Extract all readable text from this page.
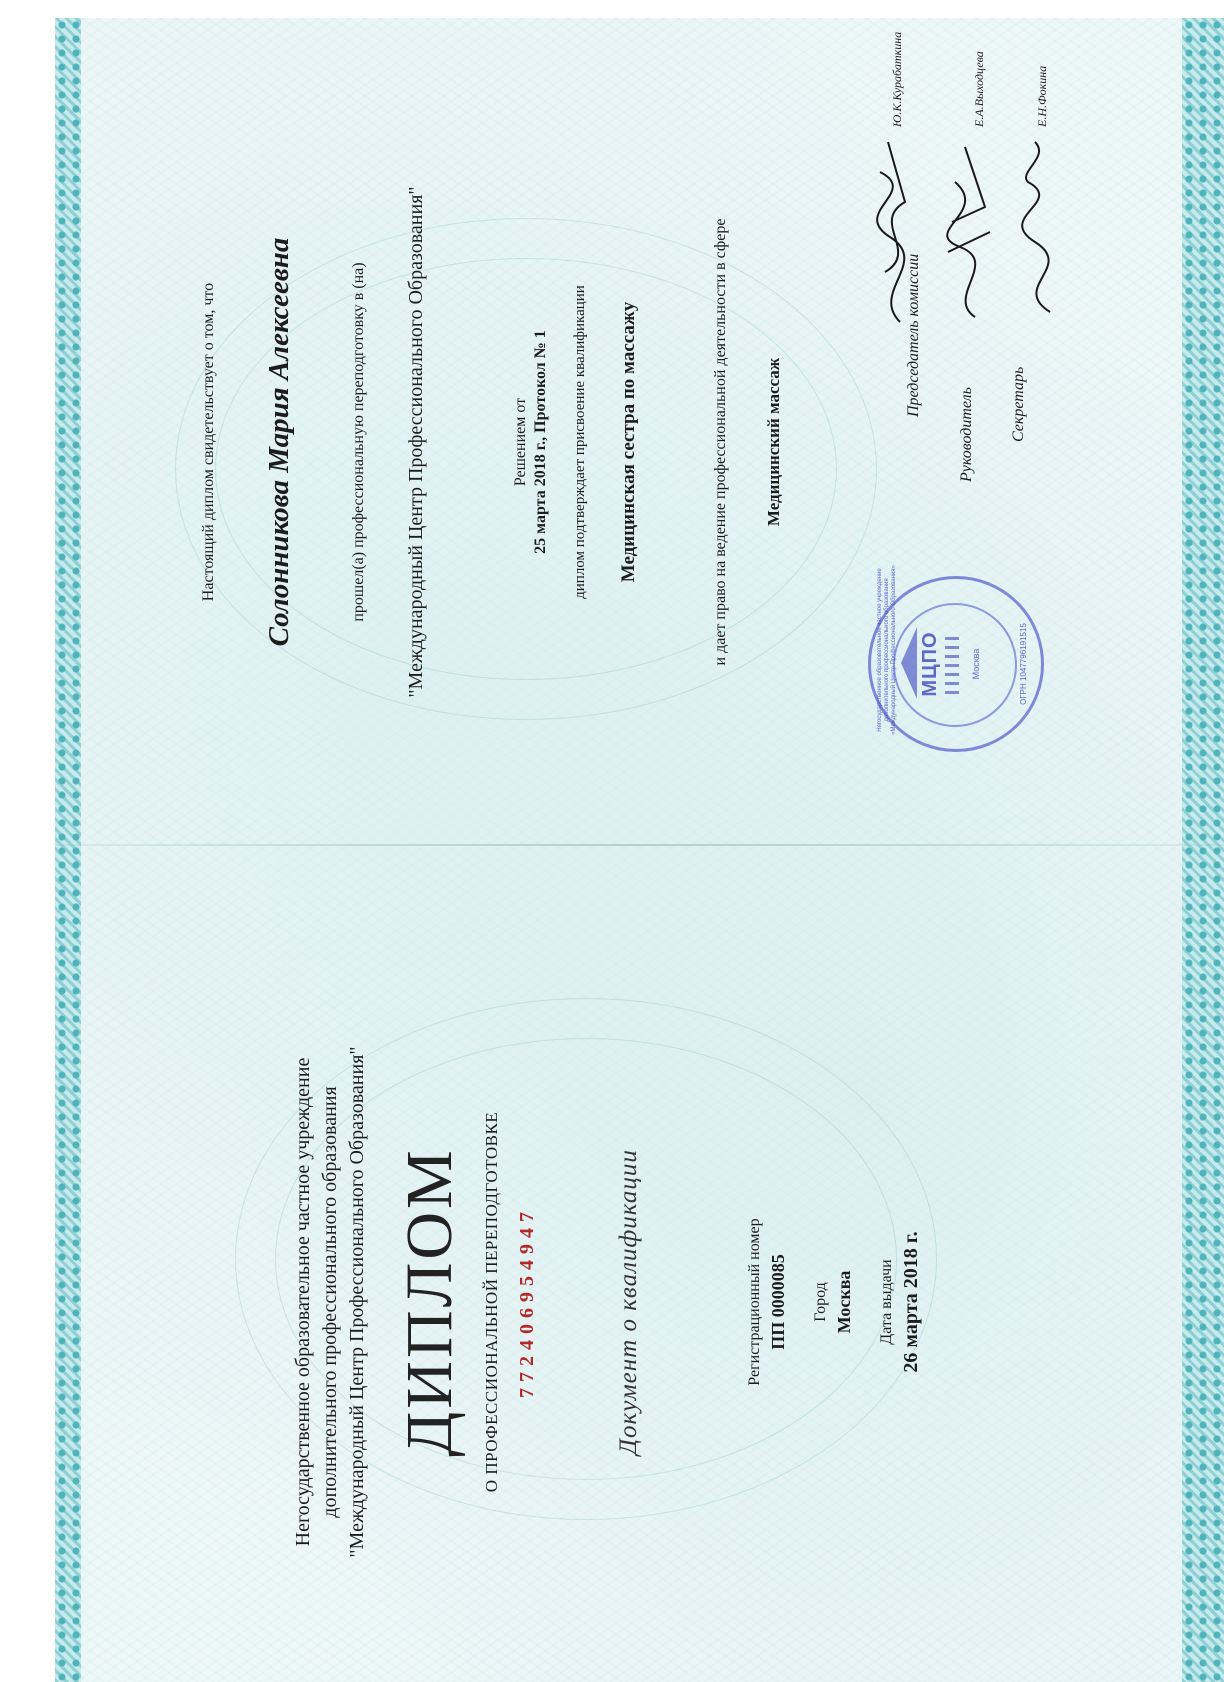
Негосударственное образовательное частное учреждение дополнительного профессионального образования "Международный Центр Профессионального Образования" ДИПЛОМ О ПРОФЕССИОНАЛЬНОЙ ПЕРЕПОДГОТОВКЕ 772406954947	Документ о квалификации	Регистрационный номер ПП 0000085 Город Москва Дата выдачи 26 марта 2018 г.
Настоящий диплом свидетельствует о том, что Солонникова Мария Алексеевна	прошел(а) профессиональную переподготовку в (на) "Международный Центр Профессионального Образования"	Решением от 25 марта 2018 г., Протокол № 1 диплом подтверждает присвоение квалификации Медицинская сестра по массажу	и дает право на ведение профессиональной деятельности в сфере Медицинский массаж
Председатель комиссии
Ю.К.Курабаткина
Руководитель
Е.А.Выходцева
Секретарь
Е.Н.Фокина
Негосударственное образовательное частное учреждение дополнительного профессионального образования «Международный Центр Профессионального Образования» МЦПО	Москва	ОГРН 1047796191515
